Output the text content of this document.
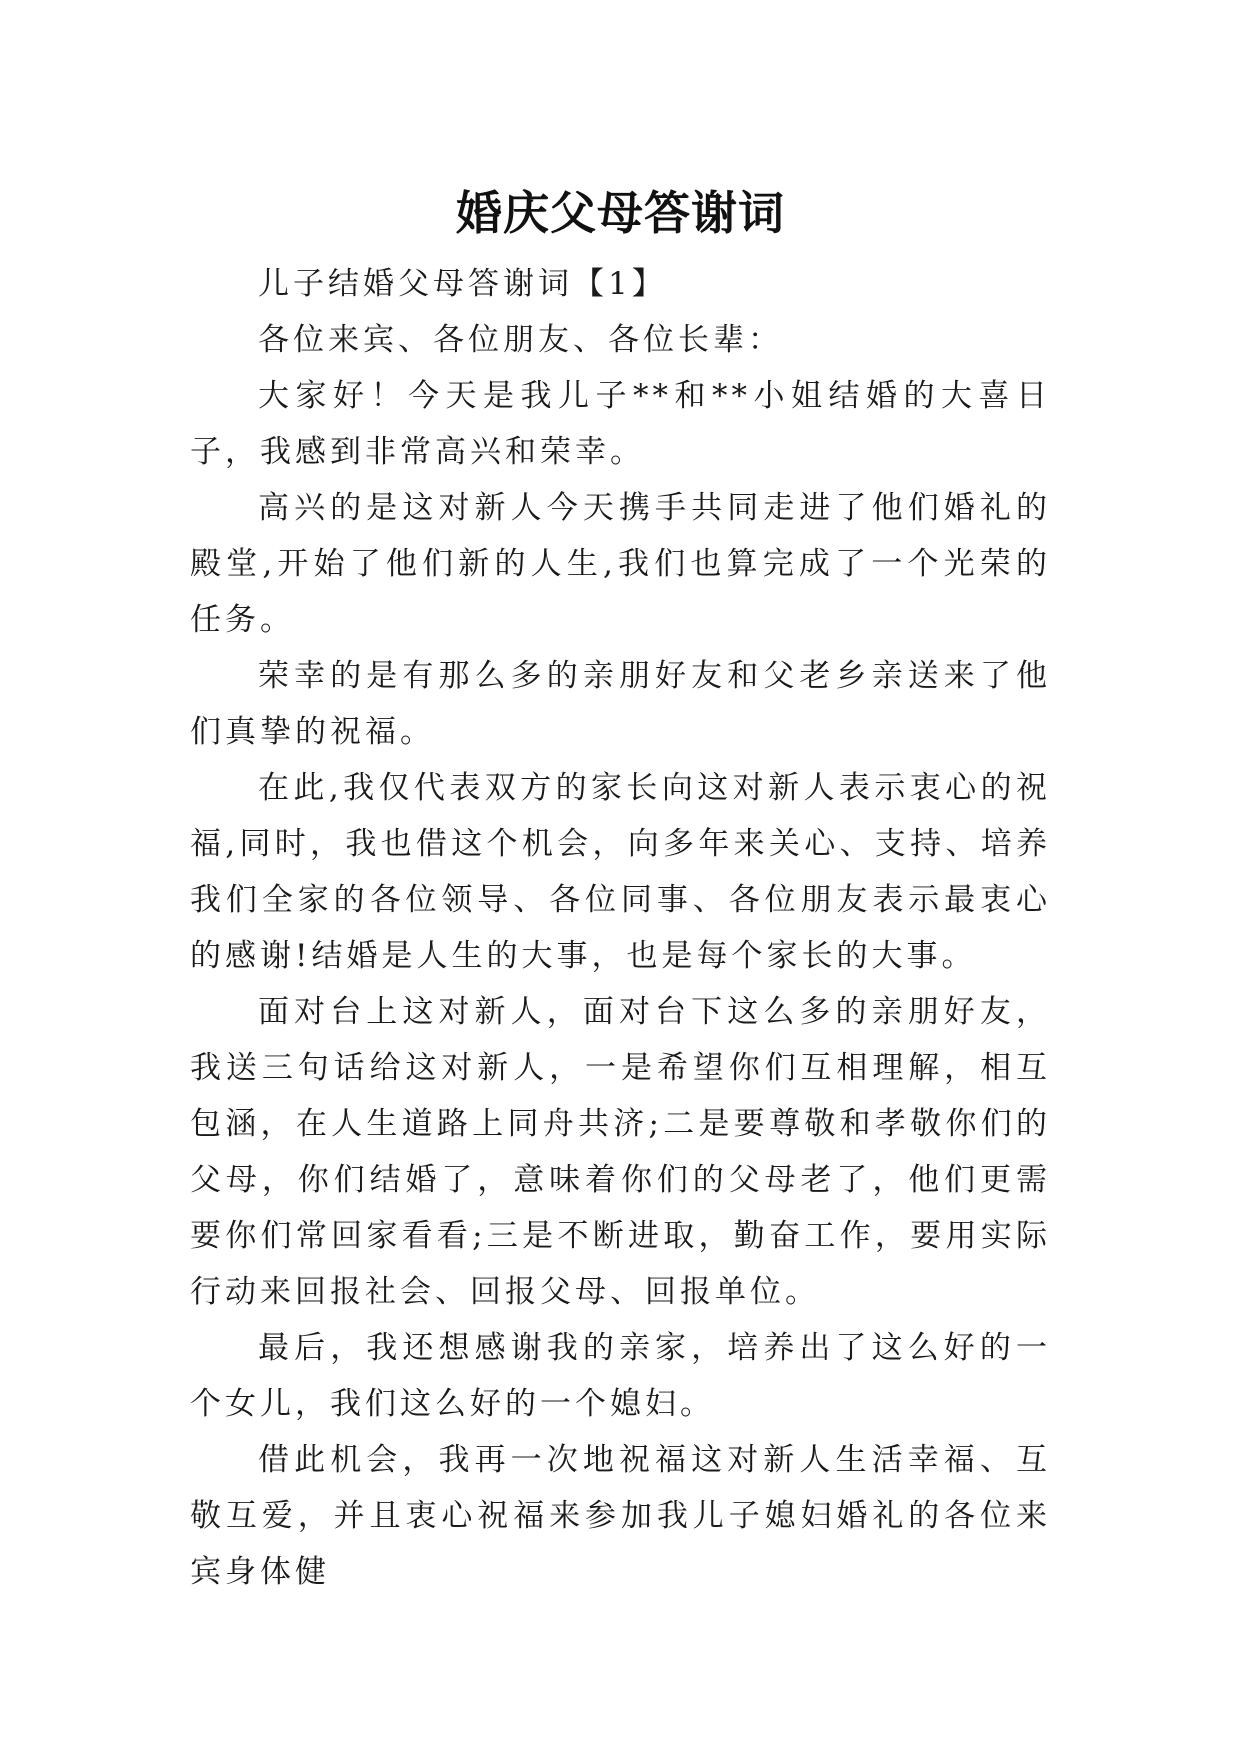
婚庆父母答谢词

儿子结婚父母答谢词【1】

各位来宾、各位朋友、各位长辈：

大家好！今天是我儿子**和**小姐结婚的大喜日子，我感到非常高兴和荣幸。

高兴的是这对新人今天携手共同走进了他们婚礼的殿堂,开始了他们新的人生,我们也算完成了一个光荣的任务。

荣幸的是有那么多的亲朋好友和父老乡亲送来了他们真挚的祝福。

在此,我仅代表双方的家长向这对新人表示衷心的祝福,同时，我也借这个机会，向多年来关心、支持、培养我们全家的各位领导、各位同事、各位朋友表示最衷心的感谢!结婚是人生的大事，也是每个家长的大事。

面对台上这对新人，面对台下这么多的亲朋好友，我送三句话给这对新人，一是希望你们互相理解，相互包涵，在人生道路上同舟共济;二是要尊敬和孝敬你们的父母，你们结婚了，意味着你们的父母老了，他们更需要你们常回家看看;三是不断进取，勤奋工作，要用实际行动来回报社会、回报父母、回报单位。

最后，我还想感谢我的亲家，培养出了这么好的一个女儿，我们这么好的一个媳妇。

借此机会，我再一次地祝福这对新人生活幸福、互敬互爱，并且衷心祝福来参加我儿子媳妇婚礼的各位来宾身体健
